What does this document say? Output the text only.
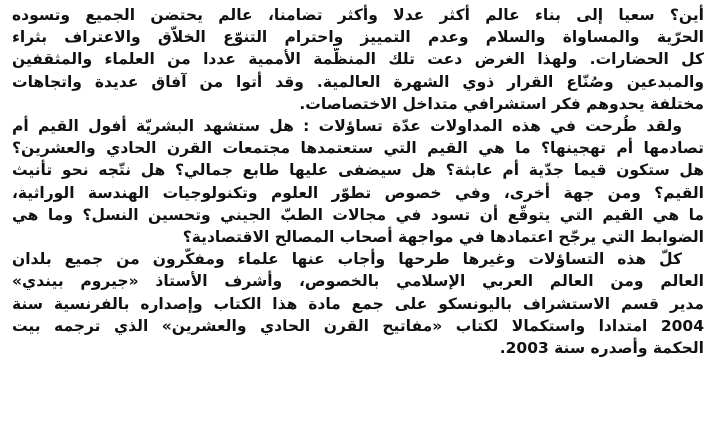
أين؟ سعيا إلى بناء عالم أكثر عدلا وأكثر تضامنا، عالم يحتضن الجميع وتسوده
الحرّية والمساواة والسلام وعدم التمييز واحترام التنوّع الخلاّق والاعتراف بثراء
كل الحضارات. ولهذا الغرض دعت تلك المنظّمة الأممية عددا من العلماء والمثقفين
والمبدعين وصُنّاع القرار ذوي الشهرة العالمية. وقد أتوا من آفاق عديدة واتجاهات
مختلفة يحدوهم فكر استشرافي متداخل الاختصاصات.

ولقد طُرحت في هذه المداولات عدّة تساؤلات : هل ستشهد البشريّة أفول القيم أم
تصادمها أم تهجينها؟ ما هي القيم التي ستعتمدها مجتمعات القرن الحادي والعشرين؟
هل ستكون قيما جدّية أم عابثة؟ هل سيضفى عليها طابع جمالي؟ هل نتّجه نحو تأنيث
القيم؟ ومن جهة أخرى، وفي خصوص تطوّر العلوم وتكنولوجيات الهندسة الوراثية،
ما هي القيم التي يتوقّع أن تسود في مجالات الطبّ الجيني وتحسين النسل؟ وما هي
الضوابط التي يرجّح اعتمادها في مواجهة أصحاب المصالح الاقتصادية؟

كلّ هذه التساؤلات وغيرها طرحها وأجاب عنها علماء ومفكّرون من جميع بلدان
العالم ومن العالم العربي الإسلامي بالخصوص، وأشرف الأستاذ «جيروم بيندي»
مدير قسم الاستشراف باليونسكو على جمع مادة هذا الكتاب وإصداره بالفرنسية سنة
2004 امتدادا واستكمالا لكتاب «مفاتيح القرن الحادي والعشرين» الذي ترجمه بيت
الحكمة وأصدره سنة 2003.
